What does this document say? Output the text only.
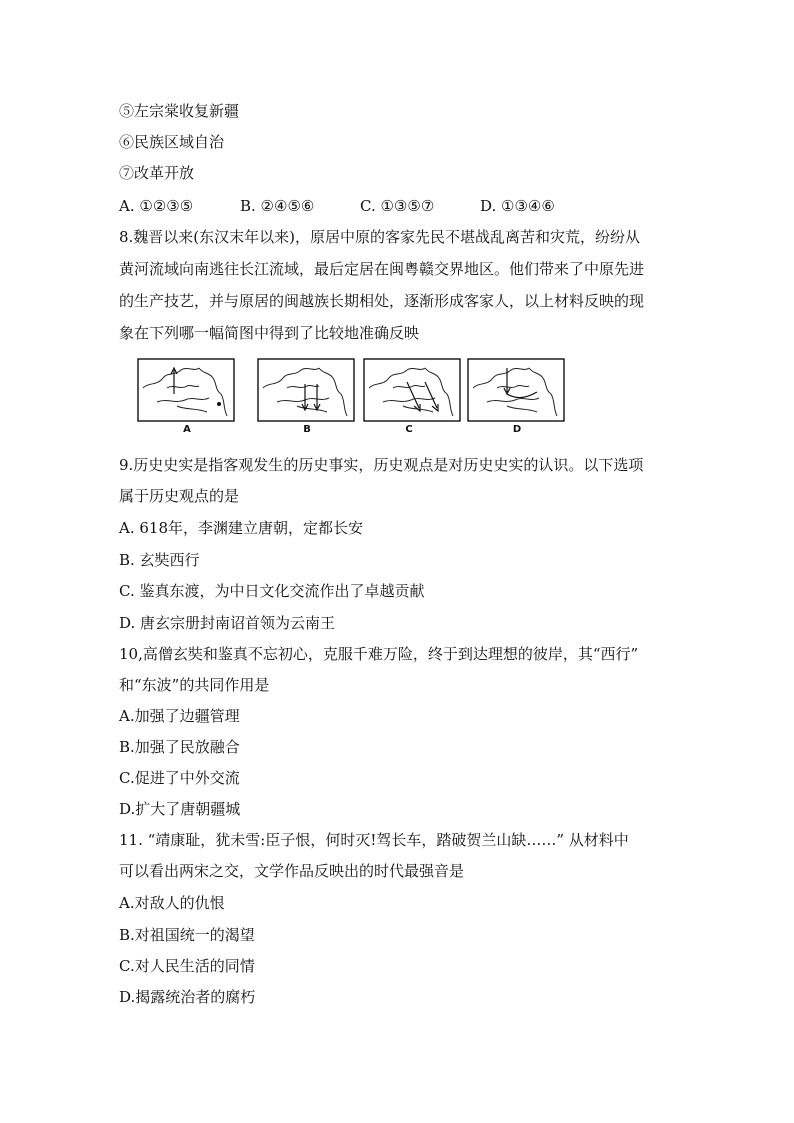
⑤左宗棠收复新疆
⑥民族区域自治
⑦改革开放
A. ①②③⑤	B. ②④⑤⑥	C. ①③⑤⑦	D. ①③④⑥
8.魏晋以来(东汉末年以来)，原居中原的客家先民不堪战乱离苦和灾荒，纷纷从
黄河流域向南逃往长江流域，最后定居在闽粤赣交界地区。他们带来了中原先进
的生产技艺，并与原居的闽越族长期相处，逐渐形成客家人，以上材料反映的现
象在下列哪一幅简图中得到了比较地准确反映
A	B	C	D
9.历史史实是指客观发生的历史事实，历史观点是对历史史实的认识。以下选项
属于历史观点的是
A. 618年，李渊建立唐朝，定都长安
B. 玄奘西行
C. 鉴真东渡，为中日文化交流作出了卓越贡献
D. 唐玄宗册封南诏首领为云南王
10,高僧玄奘和鉴真不忘初心，克服千难万险，终于到达理想的彼岸，其“西行”
和“东波”的共同作用是
A.加强了边疆管理
B.加强了民放融合
C.促进了中外交流
D.扩大了唐朝疆城
11. “靖康耻，犹未雪:臣子恨，何时灭!驾长车，踏破贺兰山缺……” 从材料中
可以看出两宋之交，文学作品反映出的时代最强音是
A.对敌人的仇恨
B.对祖国统一的渴望
C.对人民生活的同情
D.揭露统治者的腐朽
